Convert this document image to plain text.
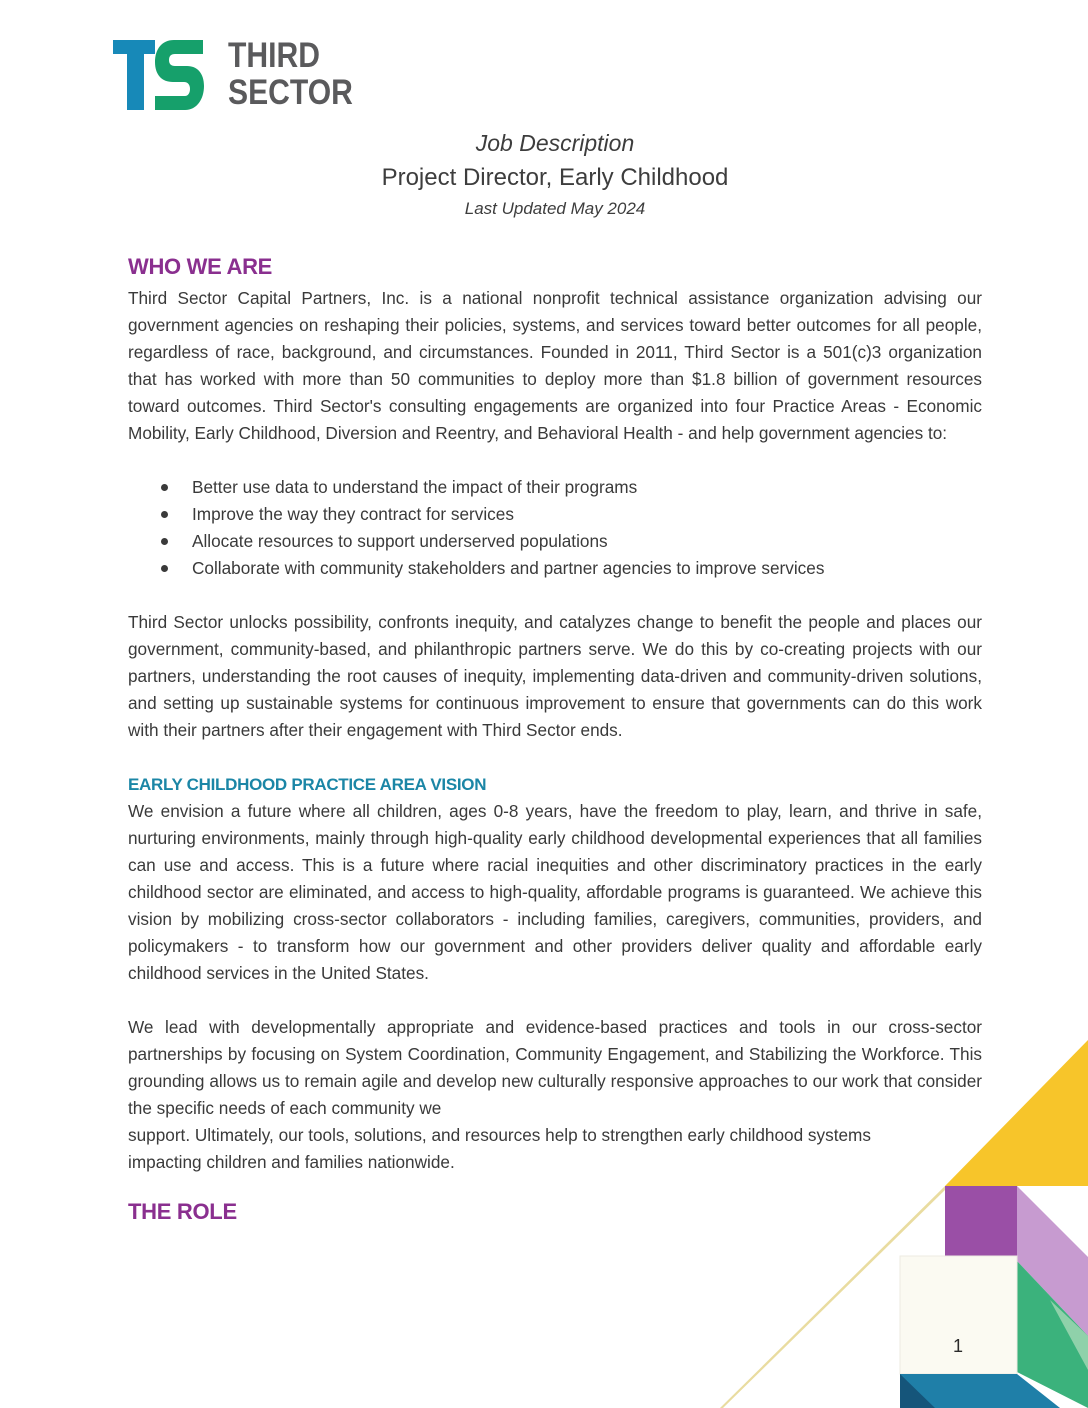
THIRD
SECTOR
Job Description
Project Director, Early Childhood
Last Updated May 2024
WHO WE ARE

Third Sector Capital Partners, Inc. is a national nonprofit technical assistance organization advising our government agencies on reshaping their policies, systems, and services toward better outcomes for all people, regardless of race, background, and circumstances. Founded in 2011, Third Sector is a 501(c)3 organization that has worked with more than 50 communities to deploy more than $1.8 billion of government resources toward outcomes. Third Sector's consulting engagements are organized into four Practice Areas - Economic Mobility, Early Childhood, Diversion and Reentry, and Behavioral Health - and help government agencies to:

Better use data to understand the impact of their programs
Improve the way they contract for services
Allocate resources to support underserved populations
Collaborate with community stakeholders and partner agencies to improve services

Third Sector unlocks possibility, confronts inequity, and catalyzes change to benefit the people and places our government, community-based, and philanthropic partners serve. We do this by co-creating projects with our partners, understanding the root causes of inequity, implementing data-driven and community-driven solutions, and setting up sustainable systems for continuous improvement to ensure that governments can do this work with their partners after their engagement with Third Sector ends.

EARLY CHILDHOOD PRACTICE AREA VISION

We envision a future where all children, ages 0-8 years, have the freedom to play, learn, and thrive in safe, nurturing environments, mainly through high-quality early childhood developmental experiences that all families can use and access. This is a future where racial inequities and other discriminatory practices in the early childhood sector are eliminated, and access to high-quality, affordable programs is guaranteed. We achieve this vision by mobilizing cross-sector collaborators - including families, caregivers, communities, providers, and policymakers - to transform how our government and other providers deliver quality and affordable early childhood services in the United States.

We lead with developmentally appropriate and evidence-based practices and tools in our cross-sector partnerships by focusing on System Coordination, Community Engagement, and Stabilizing the Workforce. This grounding allows us to remain agile and develop new culturally responsive approaches to our work that consider the specific needs of each community we

support. Ultimately, our tools, solutions, and resources help to strengthen early childhood systems impacting children and families nationwide.

THE ROLE
1
